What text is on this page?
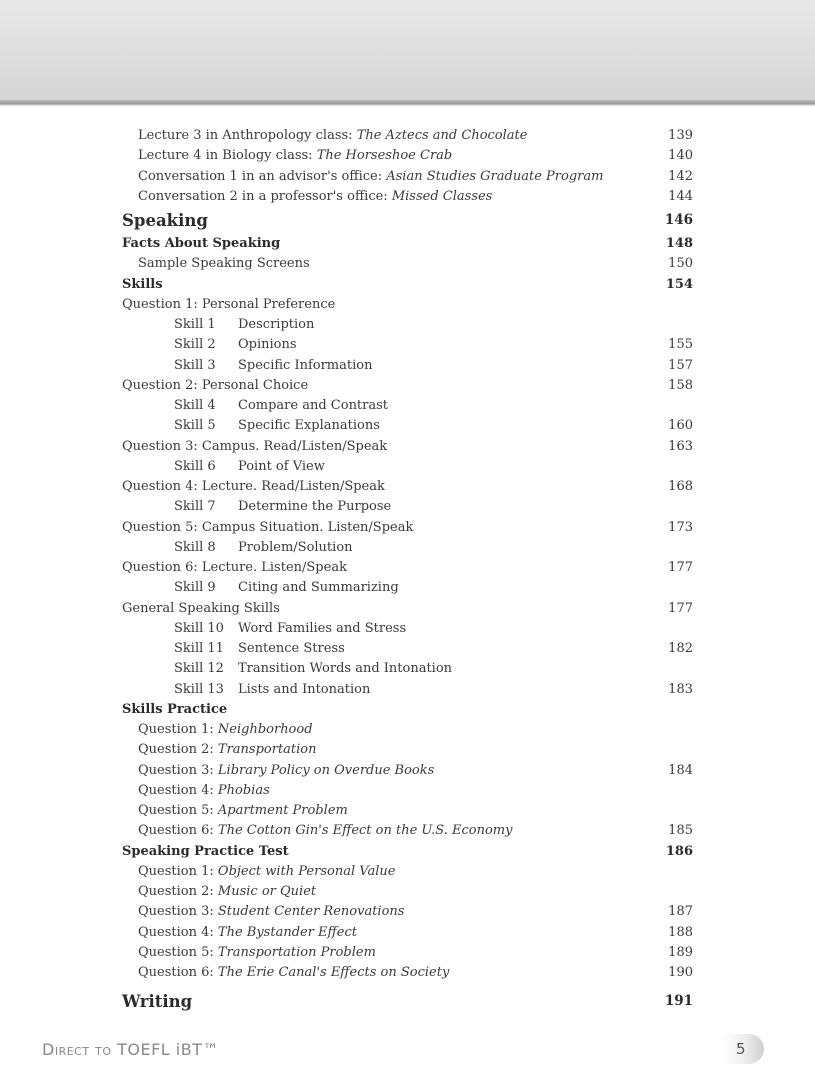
Lecture 3 in Anthropology class: The Aztecs and Chocolate	139
Lecture 4 in Biology class: The Horseshoe Crab	140
Conversation 1 in an advisor's office: Asian Studies Graduate Program	142
Conversation 2 in a professor's office: Missed Classes	144
Speaking	146
Facts About Speaking	148
Sample Speaking Screens	150
Skills	154
Question 1: Personal Preference
Skill 1 Description
Skill 2 Opinions	155
Skill 3 Specific Information	157
Question 2: Personal Choice	158
Skill 4 Compare and Contrast
Skill 5 Specific Explanations	160
Question 3: Campus. Read/Listen/Speak	163
Skill 6 Point of View
Question 4: Lecture. Read/Listen/Speak	168
Skill 7 Determine the Purpose
Question 5: Campus Situation. Listen/Speak	173
Skill 8 Problem/Solution
Question 6: Lecture. Listen/Speak	177
Skill 9 Citing and Summarizing
General Speaking Skills	177
Skill 10 Word Families and Stress
Skill 11 Sentence Stress	182
Skill 12 Transition Words and Intonation
Skill 13 Lists and Intonation	183
Skills Practice
Question 1: Neighborhood
Question 2: Transportation
Question 3: Library Policy on Overdue Books	184
Question 4: Phobias
Question 5: Apartment Problem
Question 6: The Cotton Gin's Effect on the U.S. Economy	185
Speaking Practice Test	186
Question 1: Object with Personal Value
Question 2: Music or Quiet
Question 3: Student Center Renovations	187
Question 4: The Bystander Effect	188
Question 5: Transportation Problem	189
Question 6: The Erie Canal's Effects on Society	190
Writing	191
Direct to TOEFL iBT™	5
